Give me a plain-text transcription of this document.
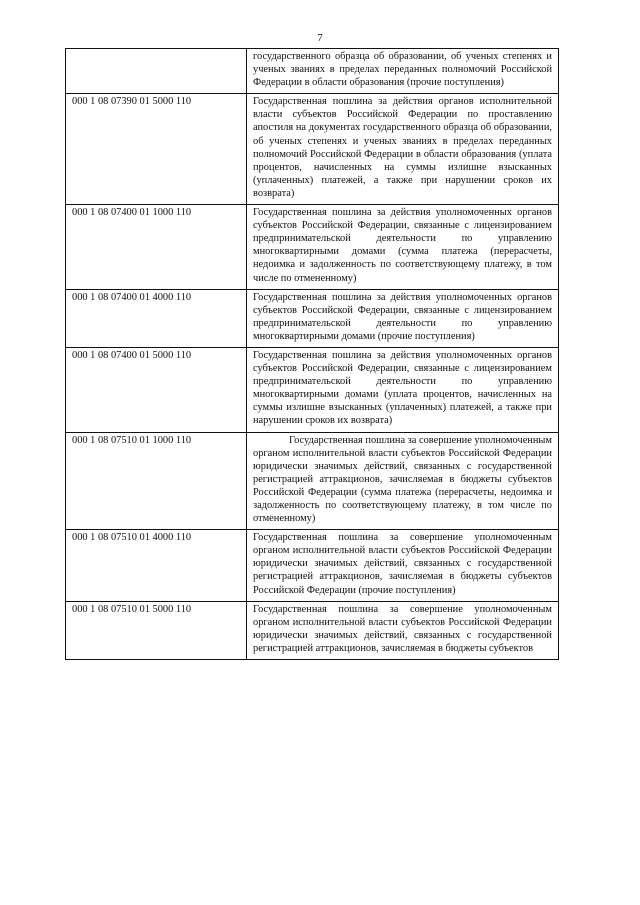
7
	государственного образца об образовании, об ученых степенях и ученых званиях в пределах переданных полномочий Российской Федерации в области образования (прочие поступления)
000 1 08 07390 01 5000 110	Государственная пошлина за действия органов исполнительной власти субъектов Российской Федерации по проставлению апостиля на документах государственного образца об образовании, об ученых степенях и ученых званиях в пределах переданных полномочий Российской Федерации в области образования (уплата процентов, начисленных на суммы излишне взысканных (уплаченных) платежей, а также при нарушении сроков их возврата)
000 1 08 07400 01 1000 110	Государственная пошлина за действия уполномоченных органов субъектов Российской Федерации, связанные с лицензированием предпринимательской деятельности по управлению многоквартирными домами (сумма платежа (перерасчеты, недоимка и задолженность по соответствующему платежу, в том числе по отмененному)
000 1 08 07400 01 4000 110	Государственная пошлина за действия уполномоченных органов субъектов Российской Федерации, связанные с лицензированием предпринимательской деятельности по управлению многоквартирными домами (прочие поступления)
000 1 08 07400 01 5000 110	Государственная пошлина за действия уполномоченных органов субъектов Российской Федерации, связанные с лицензированием предпринимательской деятельности по управлению многоквартирными домами (уплата процентов, начисленных на суммы излишне взысканных (уплаченных) платежей, а также при нарушении сроков их возврата)
000 1 08 07510 01 1000 110	Государственная пошлина за совершение уполномоченным органом исполнительной власти субъектов Российской Федерации юридически значимых действий, связанных с государственной регистрацией аттракционов, зачисляемая в бюджеты субъектов Российской Федерации (сумма платежа (перерасчеты, недоимка и задолженность по соответствующему платежу, в том числе по отмененному)
000 1 08 07510 01 4000 110	Государственная пошлина за совершение уполномоченным органом исполнительной власти субъектов Российской Федерации юридически значимых действий, связанных с государственной регистрацией аттракционов, зачисляемая в бюджеты субъектов Российской Федерации (прочие поступления)
000 1 08 07510 01 5000 110	Государственная пошлина за совершение уполномоченным органом исполнительной власти субъектов Российской Федерации юридически значимых действий, связанных с государственной регистрацией аттракционов, зачисляемая в бюджеты субъектов
